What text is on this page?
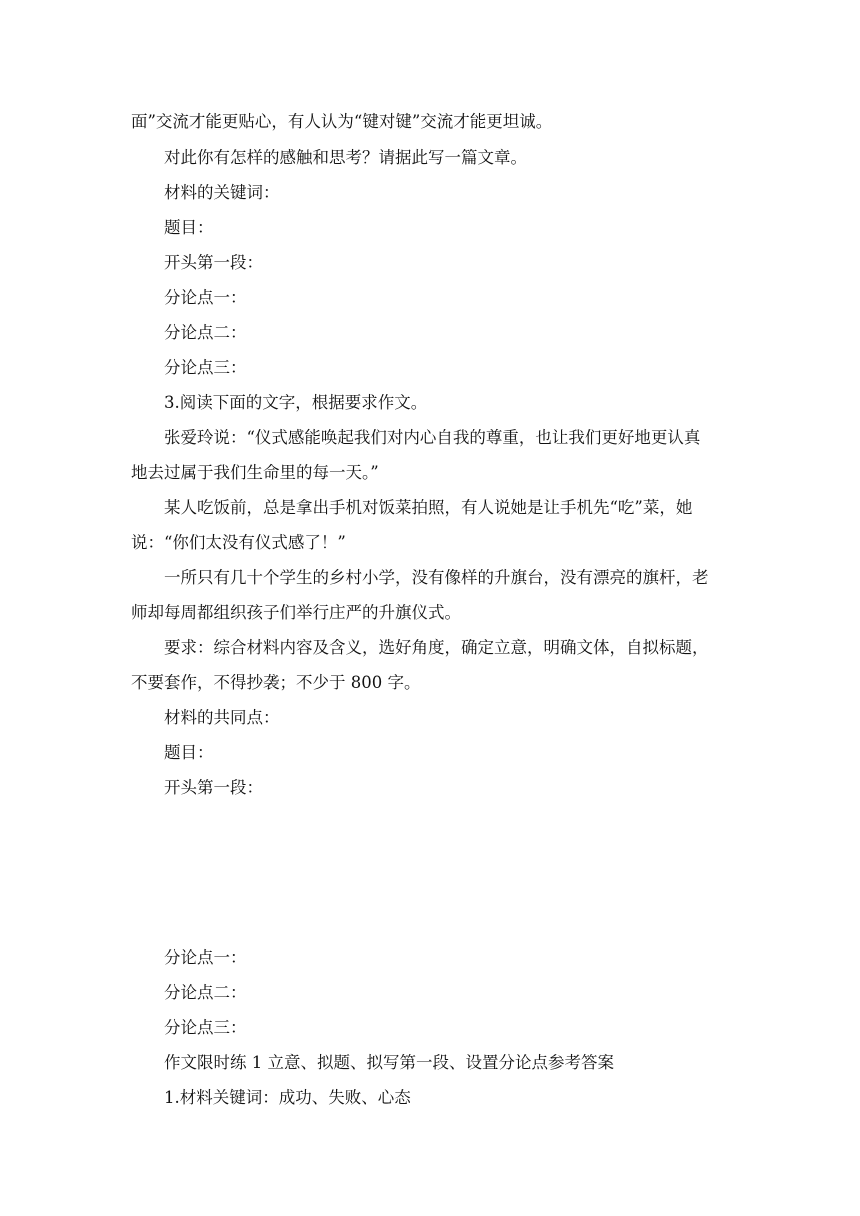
面”交流才能更贴心，有人认为“键对键”交流才能更坦诚。

对此你有怎样的感触和思考？请据此写一篇文章。

材料的关键词：

题目：

开头第一段：

分论点一：

分论点二：

分论点三：

3.阅读下面的文字，根据要求作文。

张爱玲说：“仪式感能唤起我们对内心自我的尊重，也让我们更好地更认真

地去过属于我们生命里的每一天。”

某人吃饭前，总是拿出手机对饭菜拍照，有人说她是让手机先“吃”菜，她

说：“你们太没有仪式感了！”

一所只有几十个学生的乡村小学，没有像样的升旗台，没有漂亮的旗杆，老

师却每周都组织孩子们举行庄严的升旗仪式。

要求：综合材料内容及含义，选好角度，确定立意，明确文体，自拟标题，

不要套作，不得抄袭；不少于 800 字。

材料的共同点：

题目：

开头第一段：

分论点一：

分论点二：

分论点三：

作文限时练 1 立意、拟题、拟写第一段、设置分论点参考答案

1.材料关键词：成功、失败、心态
